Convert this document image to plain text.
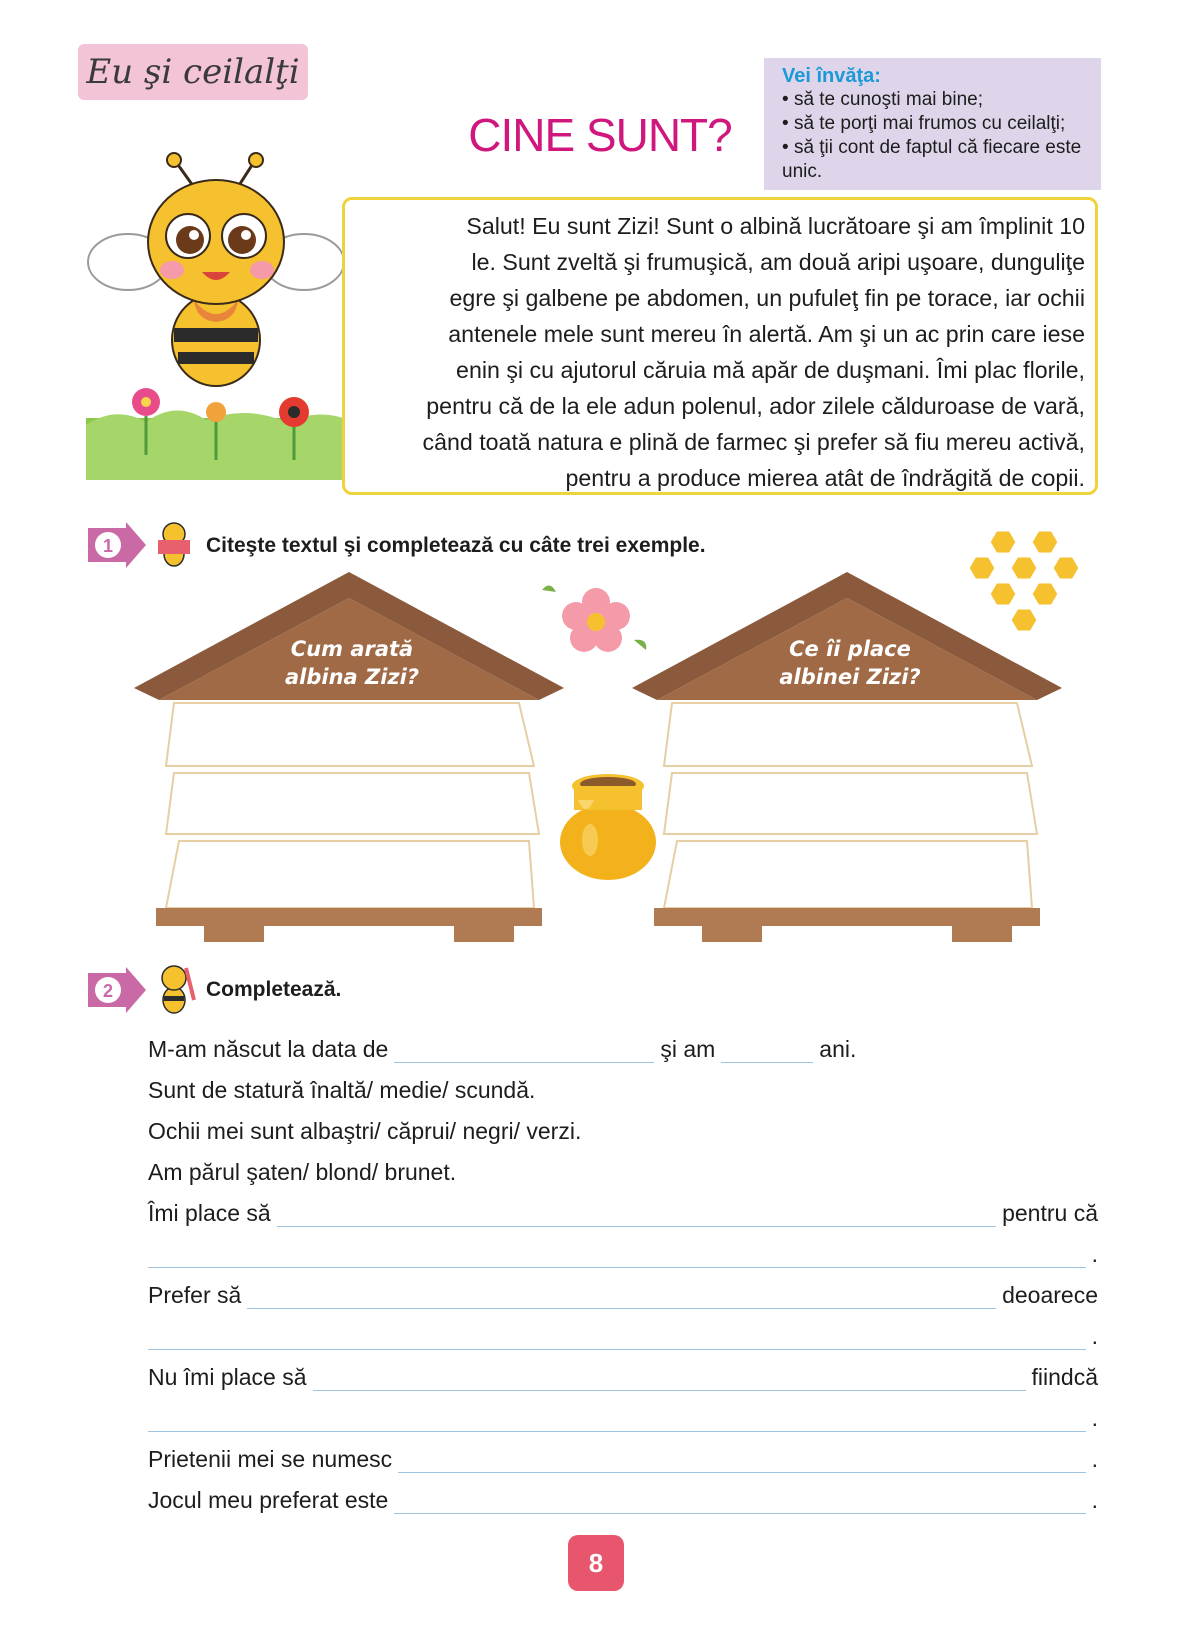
Eu şi ceilalţi
CINE SUNT?
Vei învăţa:
• să te cunoşti mai bine;
• să te porţi mai frumos cu ceilalţi;
• să ţii cont de faptul că fiecare este unic.
Salut! Eu sunt Zizi! Sunt o albină lucrătoare şi am împlinit 10
le. Sunt zveltă şi frumuşică, am două aripi uşoare, dunguliţe
egre şi galbene pe abdomen, un pufuleţ fin pe torace, iar ochii
antenele mele sunt mereu în alertă. Am şi un ac prin care iese
enin şi cu ajutorul căruia mă apăr de duşmani. Îmi plac florile,
pentru că de la ele adun polenul, ador zilele călduroase de vară,
când toată natura e plină de farmec şi prefer să fiu mereu activă,
pentru a produce mierea atât de îndrăgită de copii.
1	Citeşte textul şi completează cu câte trei exemple.
Cum arată
albina Zizi?
Ce îi place
albinei Zizi?
2	Completează.
M-am născut la data de	şi am	ani.
Sunt de statură înaltă/ medie/ scundă.
Ochii mei sunt albaştri/ căprui/ negri/ verzi.
Am părul şaten/ blond/ brunet.
Îmi place să	pentru că
.
Prefer să	deoarece
.
Nu îmi place să	fiindcă
.
Prietenii mei se numesc	.
Jocul meu preferat este	.
8
